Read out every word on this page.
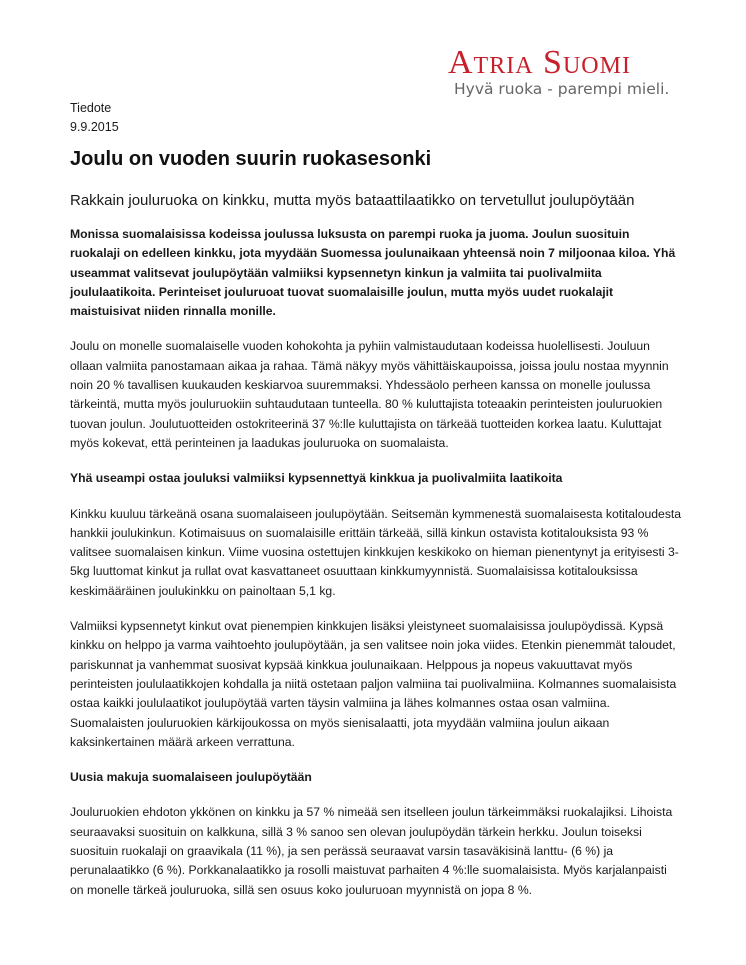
Atria Suomi
Hyvä ruoka - parempi mieli.
Tiedote
9.9.2015
Joulu on vuoden suurin ruokasesonki

Rakkain jouluruoka on kinkku, mutta myös bataattilaatikko on tervetullut joulupöytään

Monissa suomalaisissa kodeissa joulussa luksusta on parempi ruoka ja juoma. Joulun suosituin ruokalaji on edelleen kinkku, jota myydään Suomessa joulunaikaan yhteensä noin 7 miljoonaa kiloa. Yhä useammat valitsevat joulupöytään valmiiksi kypsennetyn kinkun ja valmiita tai puolivalmiita joululaatikoita. Perinteiset jouluruoat tuovat suomalaisille joulun, mutta myös uudet ruokalajit maistuisivat niiden rinnalla monille.

Joulu on monelle suomalaiselle vuoden kohokohta ja pyhiin valmistaudutaan kodeissa huolellisesti. Jouluun ollaan valmiita panostamaan aikaa ja rahaa. Tämä näkyy myös vähittäiskaupoissa, joissa joulu nostaa myynnin noin 20 % tavallisen kuukauden keskiarvoa suuremmaksi. Yhdessäolo perheen kanssa on monelle joulussa tärkeintä, mutta myös jouluruokiin suhtaudutaan tunteella. 80 % kuluttajista toteaakin perinteisten jouluruokien tuovan joulun. Joulutuotteiden ostokriteerinä 37 %:lle kuluttajista on tärkeää tuotteiden korkea laatu. Kuluttajat myös kokevat, että perinteinen ja laadukas jouluruoka on suomalaista.

Yhä useampi ostaa jouluksi valmiiksi kypsennettyä kinkkua ja puolivalmiita laatikoita

Kinkku kuuluu tärkeänä osana suomalaiseen joulupöytään. Seitsemän kymmenestä suomalaisesta kotitaloudesta hankkii joulukinkun. Kotimaisuus on suomalaisille erittäin tärkeää, sillä kinkun ostavista kotitalouksista 93 % valitsee suomalaisen kinkun. Viime vuosina ostettujen kinkkujen keskikoko on hieman pienentynyt ja erityisesti 3-5kg luuttomat kinkut ja rullat ovat kasvattaneet osuuttaan kinkkumyynnistä. Suomalaisissa kotitalouksissa keskimääräinen joulukinkku on painoltaan 5,1 kg.

Valmiiksi kypsennetyt kinkut ovat pienempien kinkkujen lisäksi yleistyneet suomalaisissa joulupöydissä. Kypsä kinkku on helppo ja varma vaihtoehto joulupöytään, ja sen valitsee noin joka viides. Etenkin pienemmät taloudet, pariskunnat ja vanhemmat suosivat kypsää kinkkua joulunaikaan. Helppous ja nopeus vakuuttavat myös perinteisten joululaatikkojen kohdalla ja niitä ostetaan paljon valmiina tai puolivalmiina. Kolmannes suomalaisista ostaa kaikki joululaatikot joulupöytää varten täysin valmiina ja lähes kolmannes ostaa osan valmiina. Suomalaisten jouluruokien kärkijoukossa on myös sienisalaatti, jota myydään valmiina joulun aikaan kaksinkertainen määrä arkeen verrattuna.

Uusia makuja suomalaiseen joulupöytään

Jouluruokien ehdoton ykkönen on kinkku ja 57 % nimeää sen itselleen joulun tärkeimmäksi ruokalajiksi. Lihoista seuraavaksi suosituin on kalkkuna, sillä 3 % sanoo sen olevan joulupöydän tärkein herkku. Joulun toiseksi suosituin ruokalaji on graavikala (11 %), ja sen perässä seuraavat varsin tasaväkisinä lanttu- (6 %) ja perunalaatikko (6 %). Porkkanalaatikko ja rosolli maistuvat parhaiten 4 %:lle suomalaisista. Myös karjalanpaisti on monelle tärkeä jouluruoka, sillä sen osuus koko jouluruoan myynnistä on jopa 8 %.
